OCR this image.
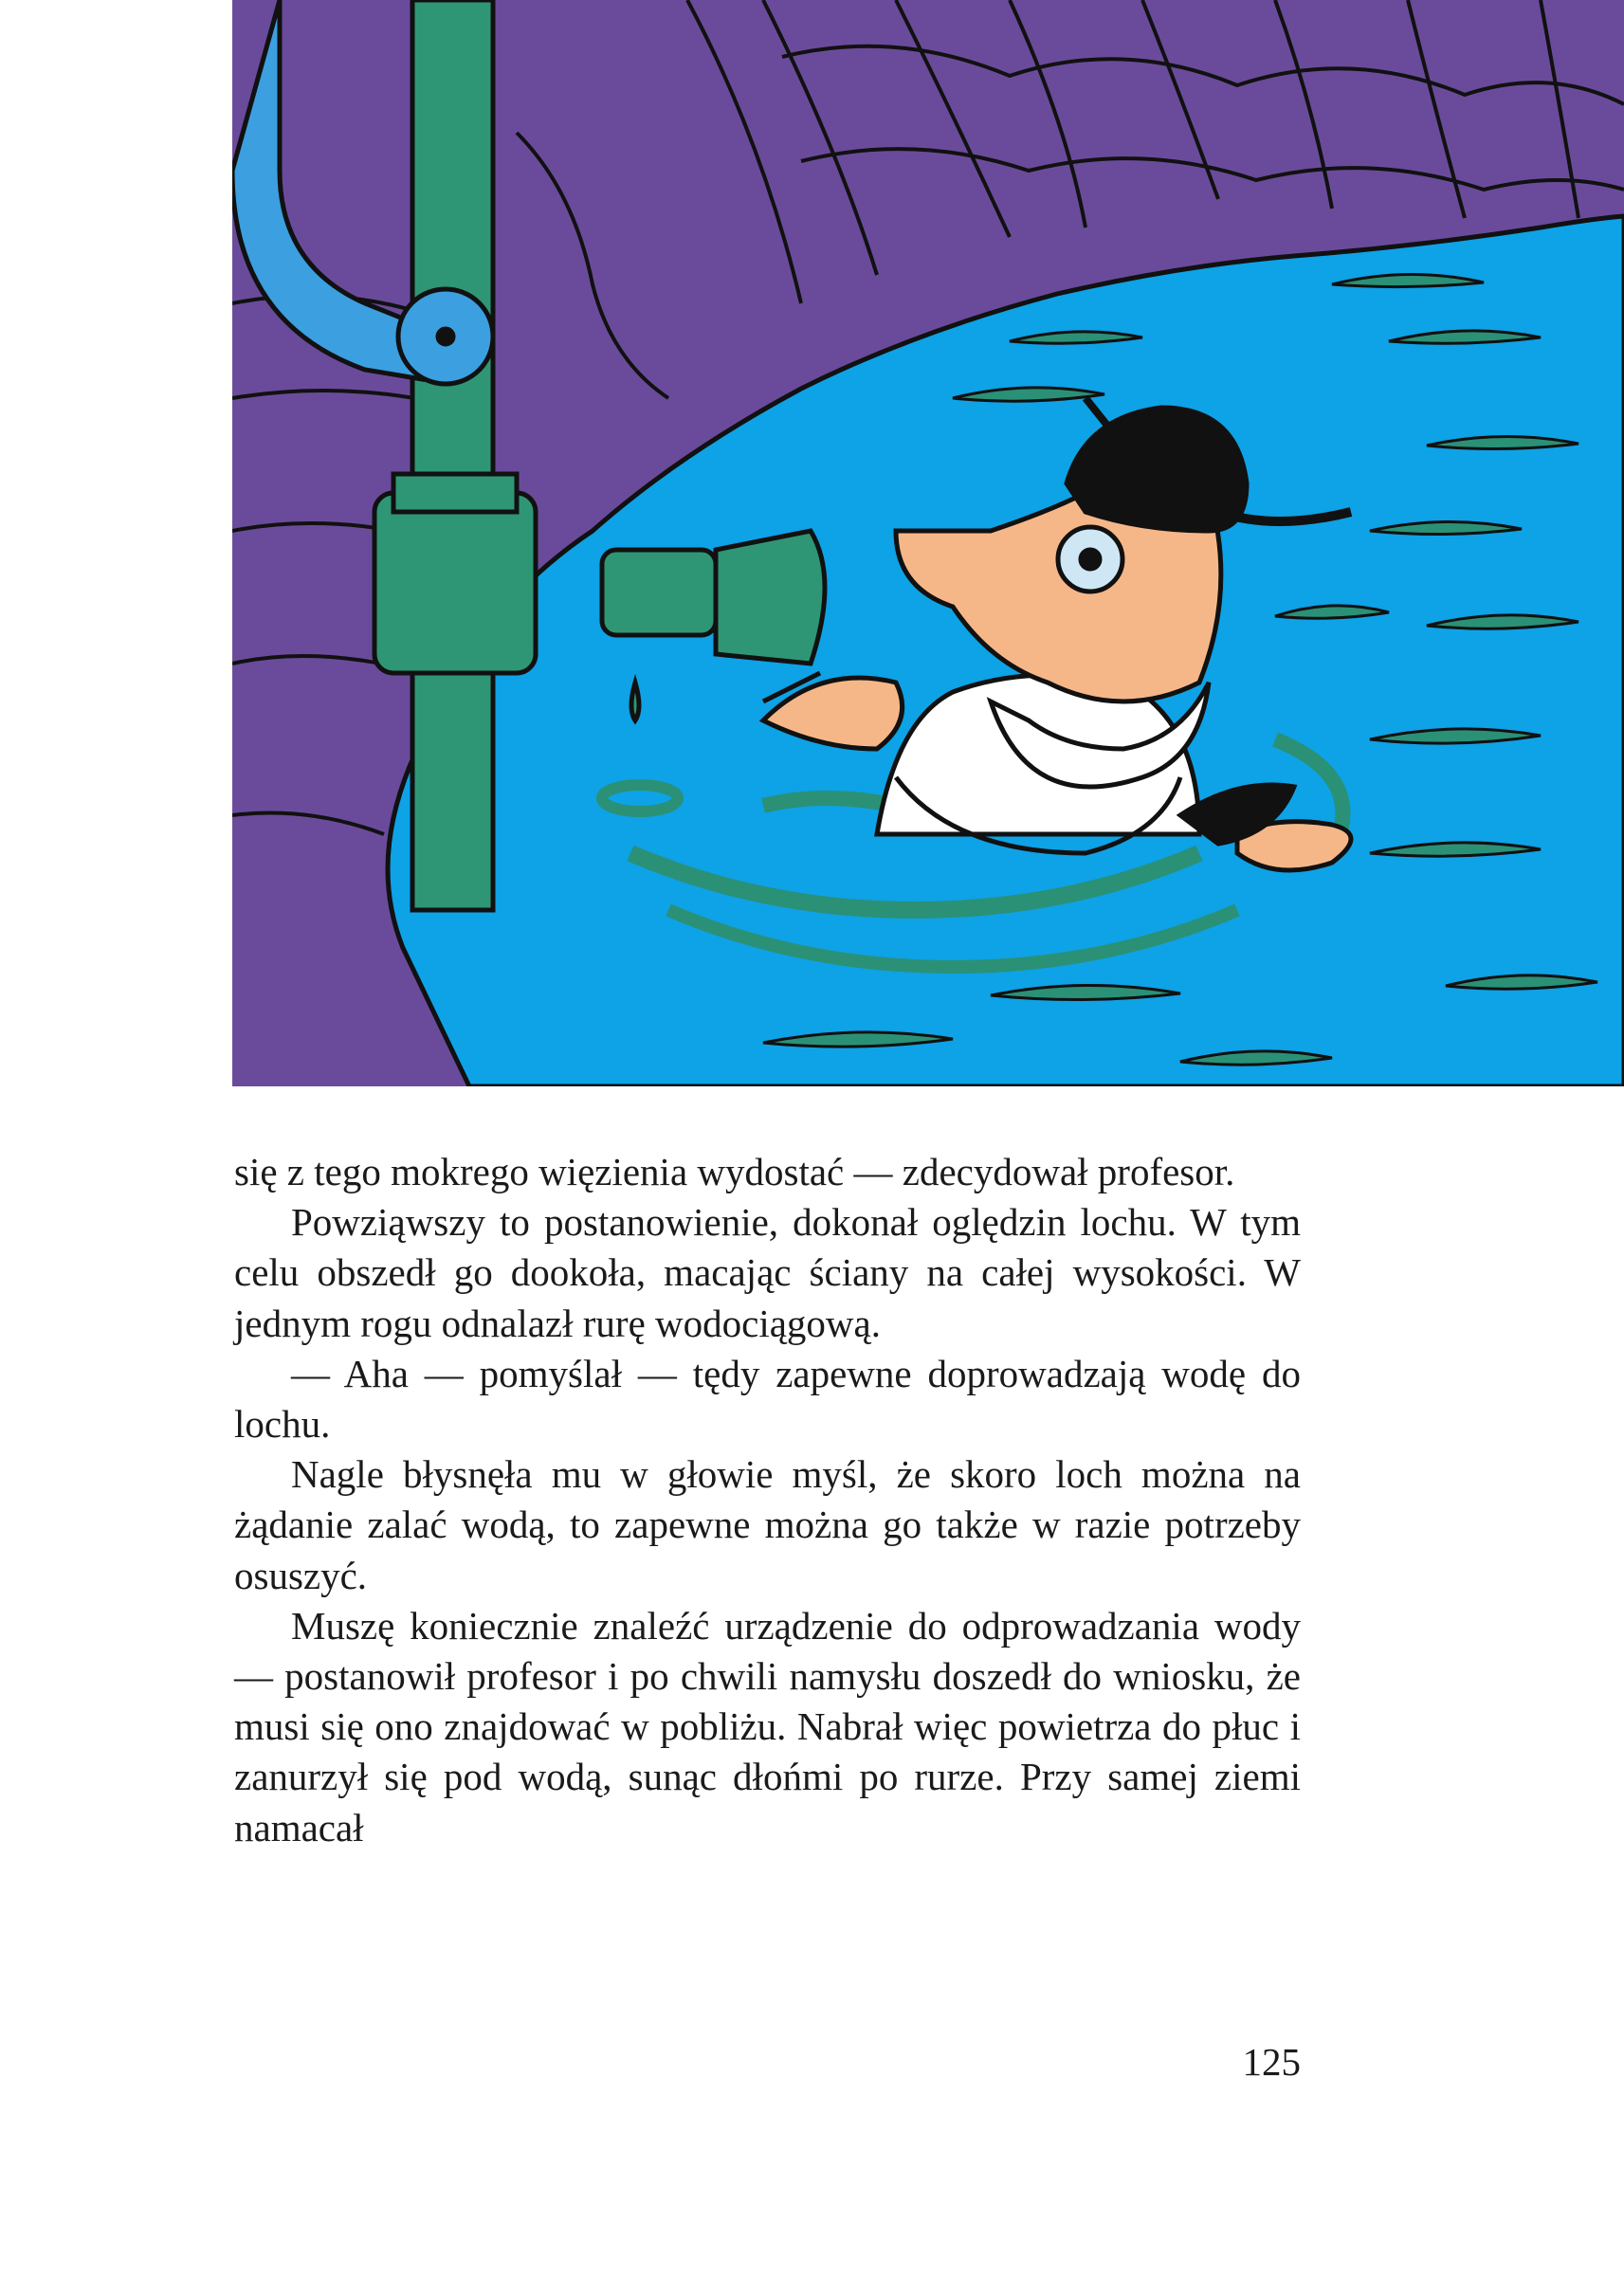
się z tego mokrego więzienia wydostać — zdecydował profesor.

Powziąwszy to postanowienie, dokonał oględzin lochu. W tym celu obszedł go dookoła, macając ściany na całej wysokości. W jednym rogu odnalazł rurę wodociągową.

— Aha — pomyślał — tędy zapewne doprowadzają wodę do lochu.

Nagle błysnęła mu w głowie myśl, że skoro loch można na żądanie zalać wodą, to zapewne można go także w razie potrzeby osuszyć.

Muszę koniecznie znaleźć urządzenie do odprowadzania wody — postanowił profesor i po chwili namysłu doszedł do wniosku, że musi się ono znajdować w pobliżu. Nabrał więc powietrza do płuc i zanurzył się pod wodą, sunąc dłońmi po rurze. Przy samej ziemi namacał

125
